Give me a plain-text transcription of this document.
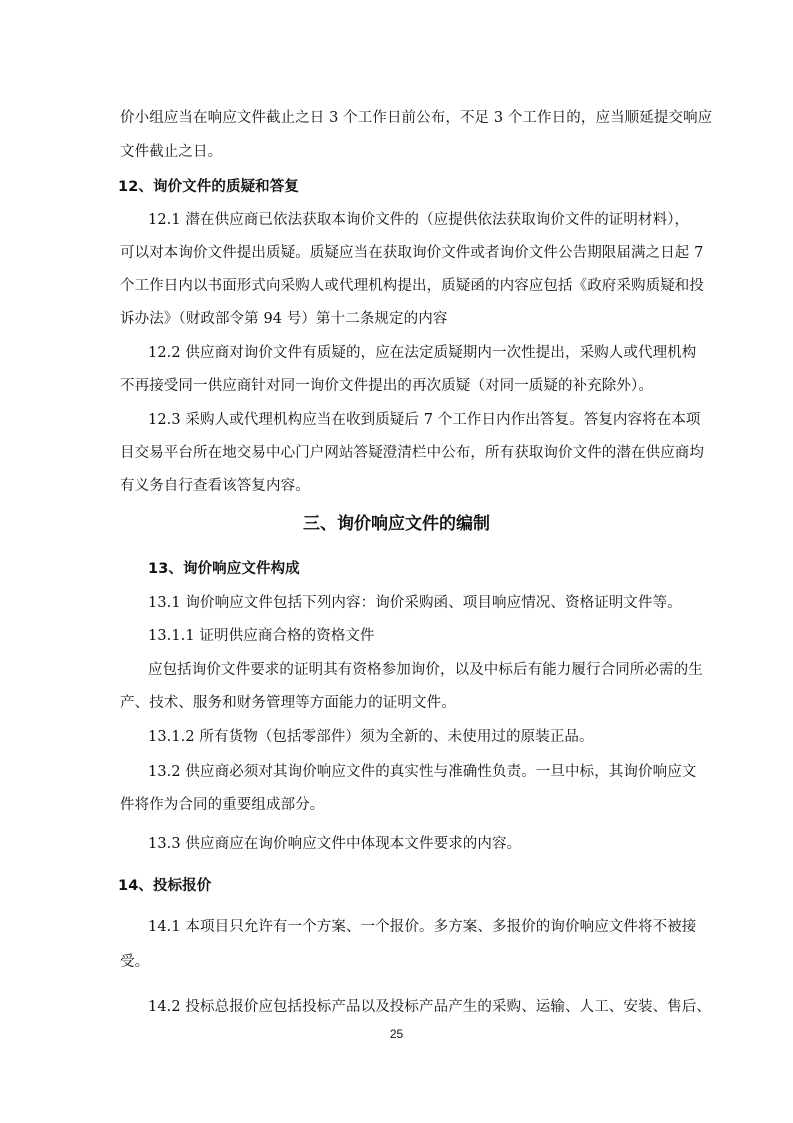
价小组应当在响应文件截止之日 3 个工作日前公布，不足 3 个工作日的，应当顺延提交响应
文件截止之日。
12、询价文件的质疑和答复
12.1 潜在供应商已依法获取本询价文件的（应提供依法获取询价文件的证明材料），
可以对本询价文件提出质疑。质疑应当在获取询价文件或者询价文件公告期限届满之日起 7
个工作日内以书面形式向采购人或代理机构提出，质疑函的内容应包括《政府采购质疑和投
诉办法》（财政部令第 94 号）第十二条规定的内容
12.2 供应商对询价文件有质疑的，应在法定质疑期内一次性提出，采购人或代理机构
不再接受同一供应商针对同一询价文件提出的再次质疑（对同一质疑的补充除外）。
12.3 采购人或代理机构应当在收到质疑后 7 个工作日内作出答复。答复内容将在本项
目交易平台所在地交易中心门户网站答疑澄清栏中公布，所有获取询价文件的潜在供应商均
有义务自行查看该答复内容。
三、询价响应文件的编制
13、询价响应文件构成
13.1 询价响应文件包括下列内容：询价采购函、项目响应情况、资格证明文件等。
13.1.1 证明供应商合格的资格文件
应包括询价文件要求的证明其有资格参加询价，以及中标后有能力履行合同所必需的生
产、技术、服务和财务管理等方面能力的证明文件。
13.1.2 所有货物（包括零部件）须为全新的、未使用过的原装正品。
13.2 供应商必须对其询价响应文件的真实性与准确性负责。一旦中标，其询价响应文
件将作为合同的重要组成部分。
13.3 供应商应在询价响应文件中体现本文件要求的内容。
14、投标报价
14.1 本项目只允许有一个方案、一个报价。多方案、多报价的询价响应文件将不被接
受。
14.2 投标总报价应包括投标产品以及投标产品产生的采购、运输、人工、安装、售后、
25
